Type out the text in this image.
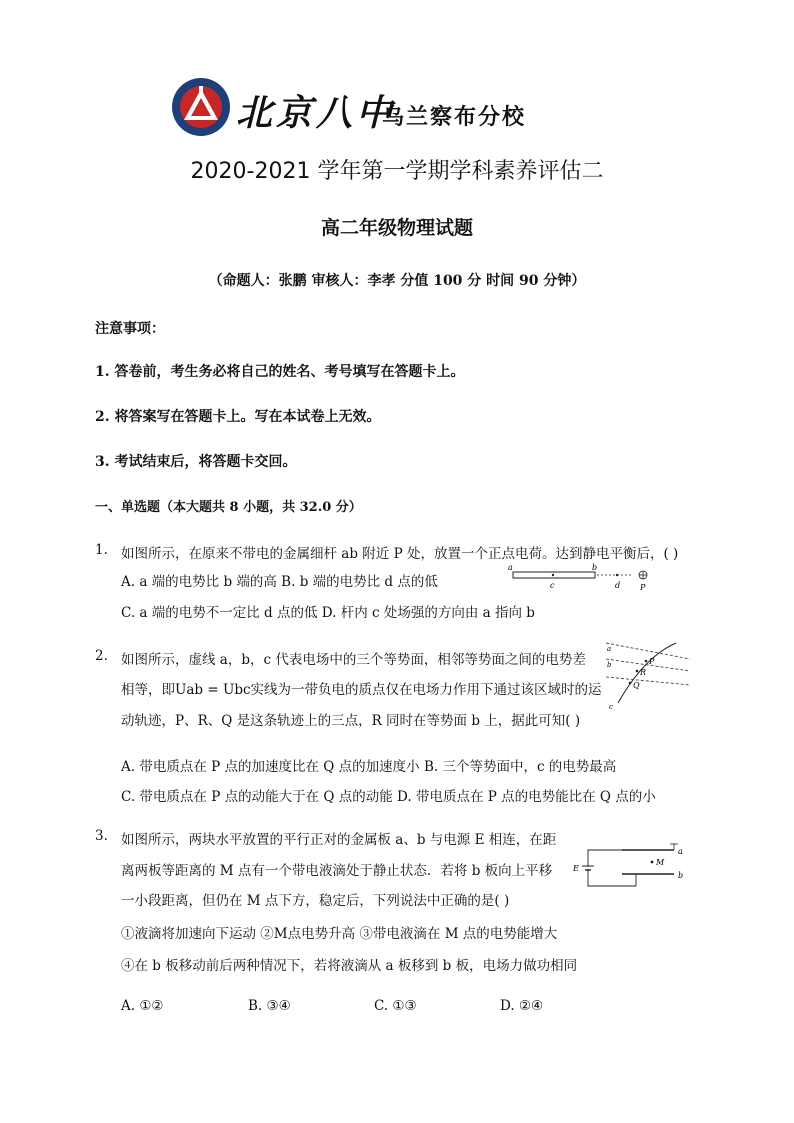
北京八中
乌兰察布分校
2020-2021 学年第一学期学科素养评估二
高二年级物理试题
（命题人：张鹏 审核人：李孝 分值 100 分 时间 90 分钟）
注意事项：
1. 答卷前，考生务必将自己的姓名、考号填写在答题卡上。
2. 将答案写在答题卡上。写在本试卷上无效。
3. 考试结束后，将答题卡交回。
一、单选题（本大题共 8 小题，共 32.0 分）
1. 如图所示，在原来不带电的金属细杆 ab 附近 P 处，放置一个正点电荷。达到静电平衡后，( )
A. a 端的电势比 b 端的高 B. b 端的电势比 d 点的低
C. a 端的电势不一定比 d 点的低 D. 杆内 c 处场强的方向由 a 指向 b
a	b
c	d P
2. 如图所示，虚线 a，b，c 代表电场中的三个等势面，相邻等势面之间的电势差
相等，即Uab = Ubc实线为一带负电的质点仅在电场力作用下通过该区域时的运
动轨迹，P、R、Q 是这条轨迹上的三点，R 同时在等势面 b 上，据此可知( )
A. 带电质点在 P 点的加速度比在 Q 点的加速度小 B. 三个等势面中，c 的电势最高
C. 带电质点在 P 点的动能大于在 Q 点的动能 D. 带电质点在 P 点的电势能比在 Q 点的小
P
R
Q
a
b
c
3. 如图所示，两块水平放置的平行正对的金属板 a、b 与电源 E 相连，在距
离两板等距离的 M 点有一个带电液滴处于静止状态．若将 b 板向上平移
一小段距离，但仍在 M 点下方，稳定后，下列说法中正确的是( )
①液滴将加速向下运动 ②M点电势升高 ③带电液滴在 M 点的电势能增大
④在 b 板移动前后两种情况下，若将液滴从 a 板移到 b 板，电场力做功相同
A. ①②	B. ③④	C. ①③	D. ②④
E
a
b
M
